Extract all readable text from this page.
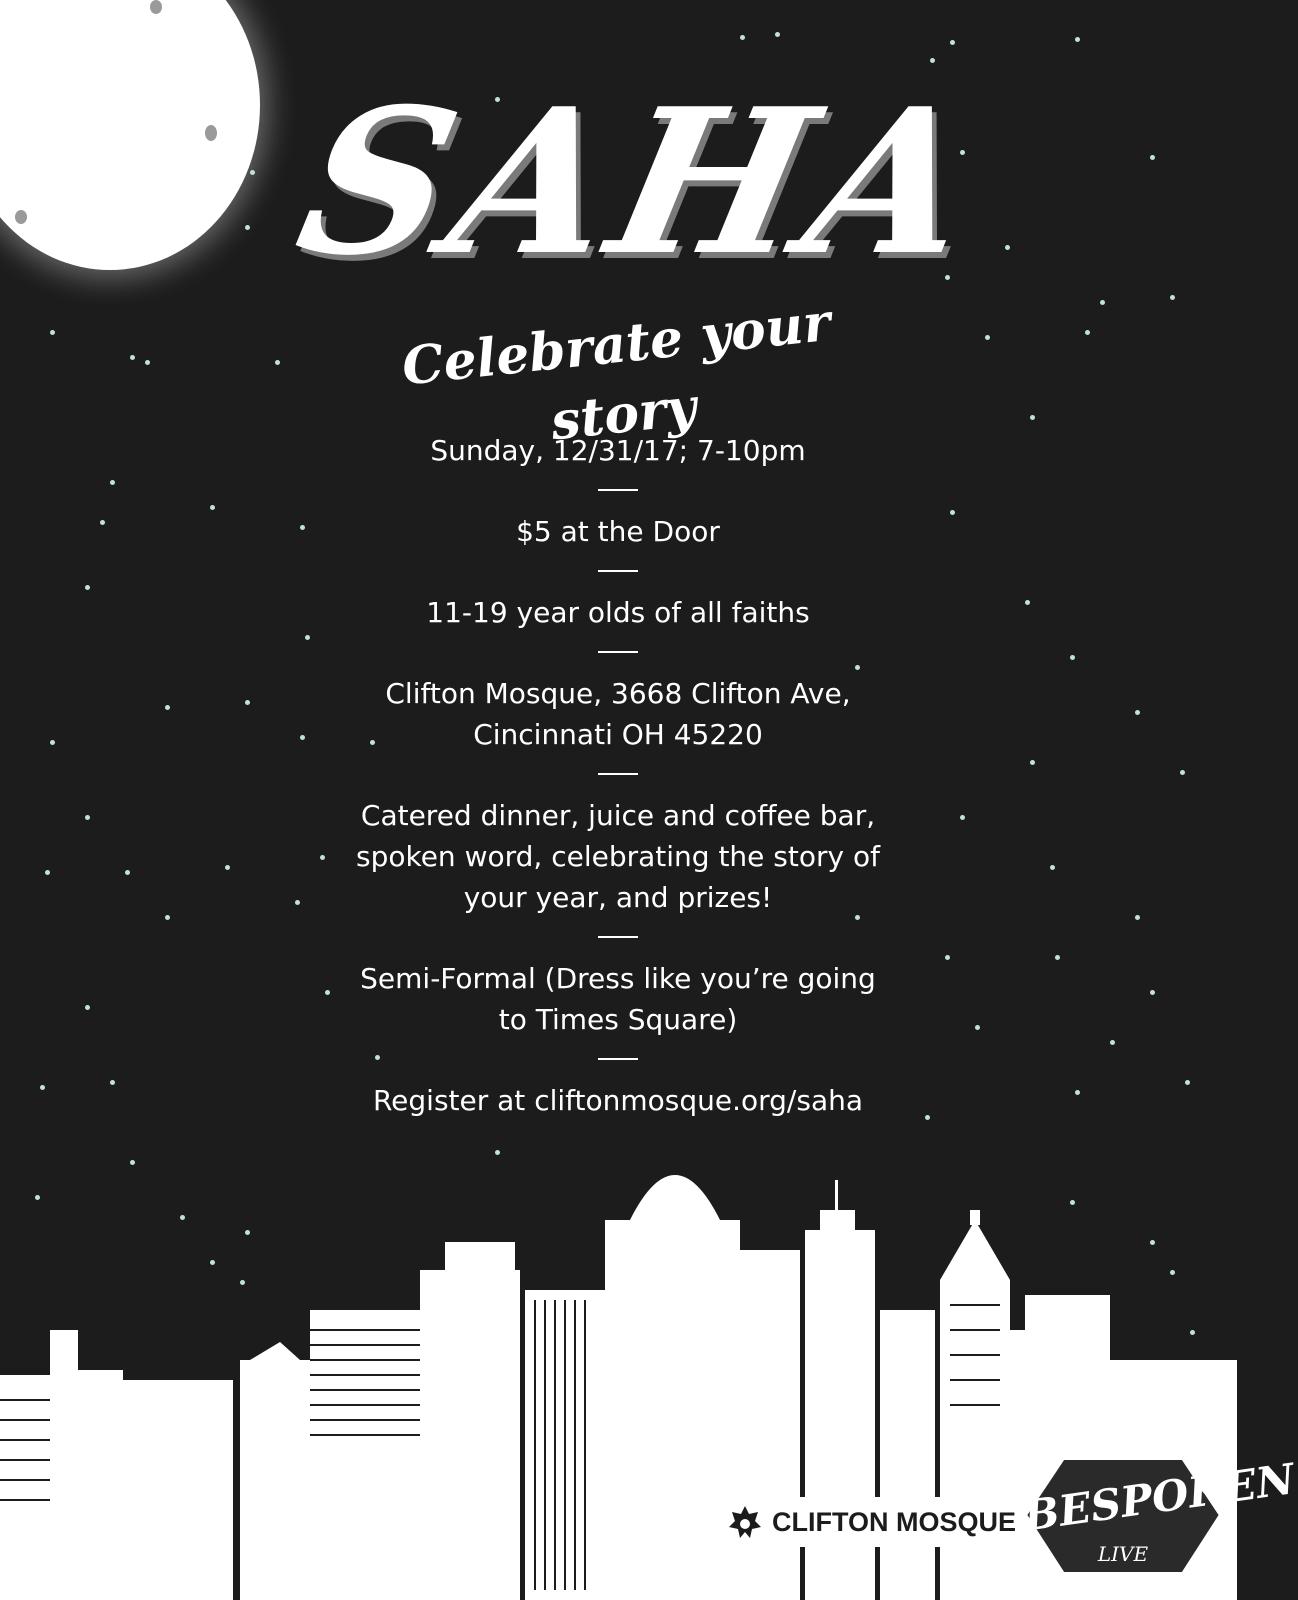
SAHA
Celebrate your story
Sunday, 12/31/17; 7-10pm
$5 at the Door
11-19 year olds of all faiths
Clifton Mosque, 3668 Clifton Ave,
Cincinnati OH 45220
Catered dinner, juice and coffee bar,
spoken word, celebrating the story of
your year, and prizes!
Semi-Formal (Dress like you’re going
to Times Square)
Register at cliftonmosque.org/saha
CLIFTON MOSQUE BESPOKEN
LIVE
